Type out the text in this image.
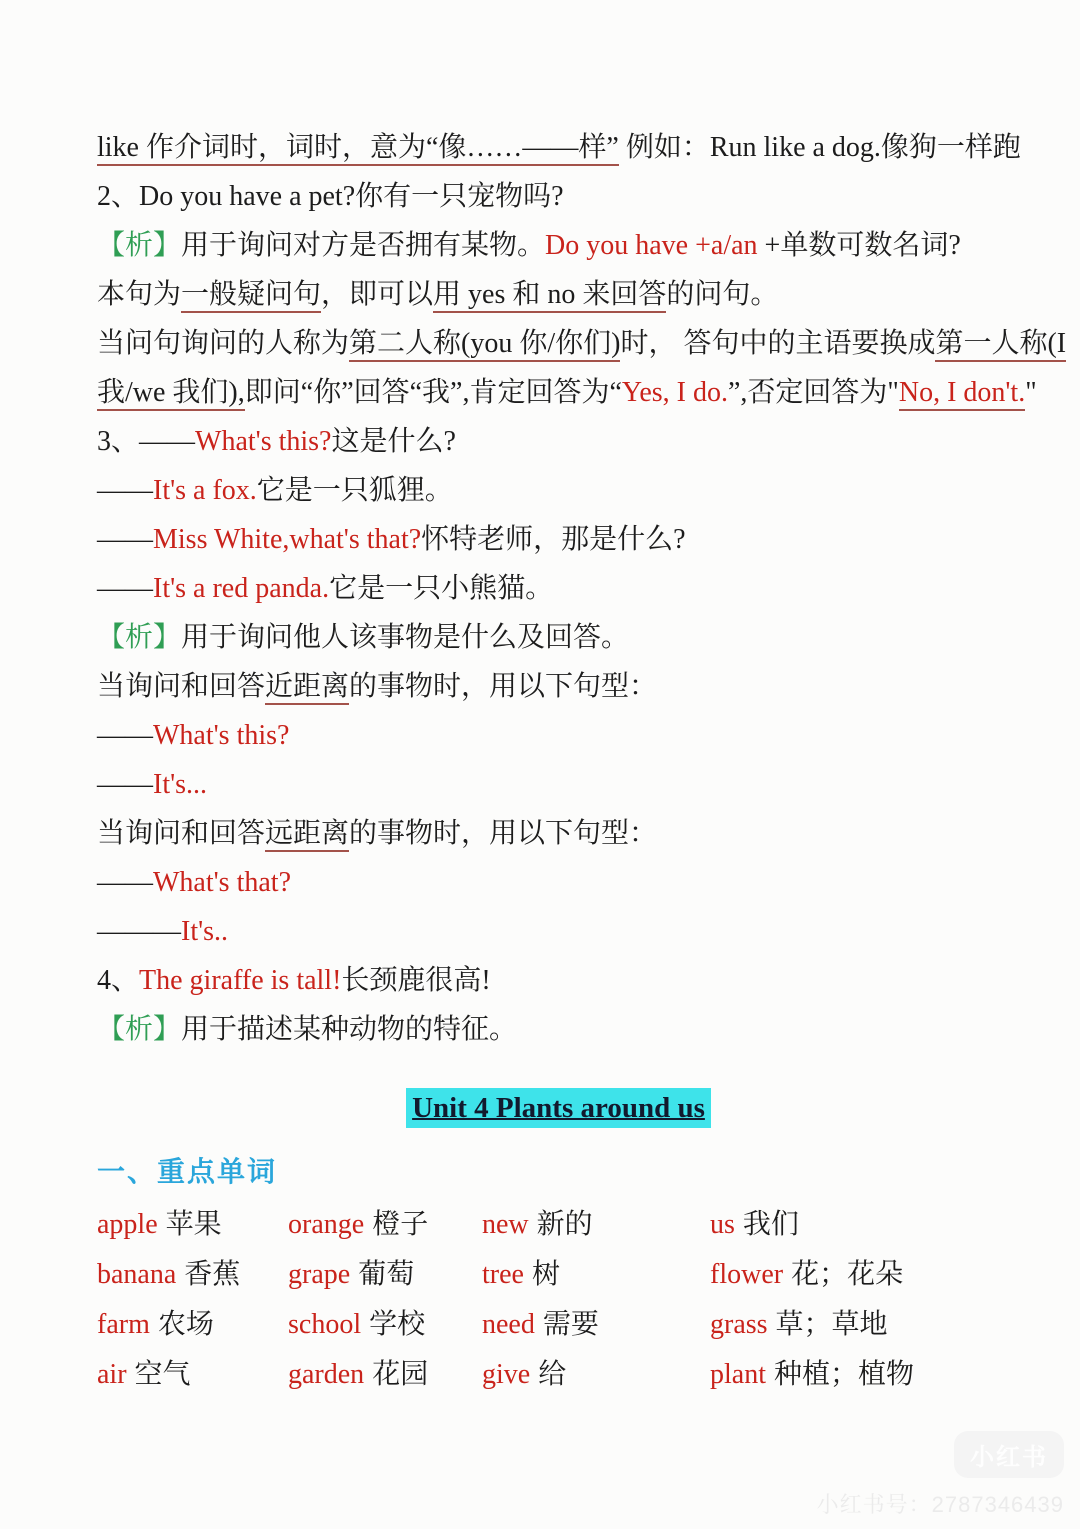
like 作介词时，词时，意为“像……——样” 例如：Run like a dog.像狗一样跑

2、Do you have a pet?你有一只宠物吗?

【析】用于询问对方是否拥有某物。Do you have +a/an +单数可数名词?

本句为一般疑问句，即可以用 yes 和 no 来回答的问句。

当问句询问的人称为第二人称(you 你/你们)时， 答句中的主语要换成第一人称(I

我/we 我们),即问“你”回答“我”,肯定回答为“Yes, I do.”,否定回答为"No, I don't."

3、——What's this?这是什么?

——It's a fox.它是一只狐狸。

——Miss White,what's that?怀特老师，那是什么?

——It's a red panda.它是一只小熊猫。

【析】用于询问他人该事物是什么及回答。

当询问和回答近距离的事物时，用以下句型：

——What's this?

——It's...

当询问和回答远距离的事物时，用以下句型：

——What's that?

———It's..

4、The giraffe is tall!长颈鹿很高!

【析】用于描述某种动物的特征。

Unit 4 Plants around us
一、重点单词
apple 苹果	orange 橙子	new 新的	us 我们
banana 香蕉	grape 葡萄	tree 树	flower 花；花朵
farm 农场	school 学校	need 需要	grass 草；草地
air 空气	garden 花园	give 给	plant 种植；植物
小红书
小红书号：2787346439
